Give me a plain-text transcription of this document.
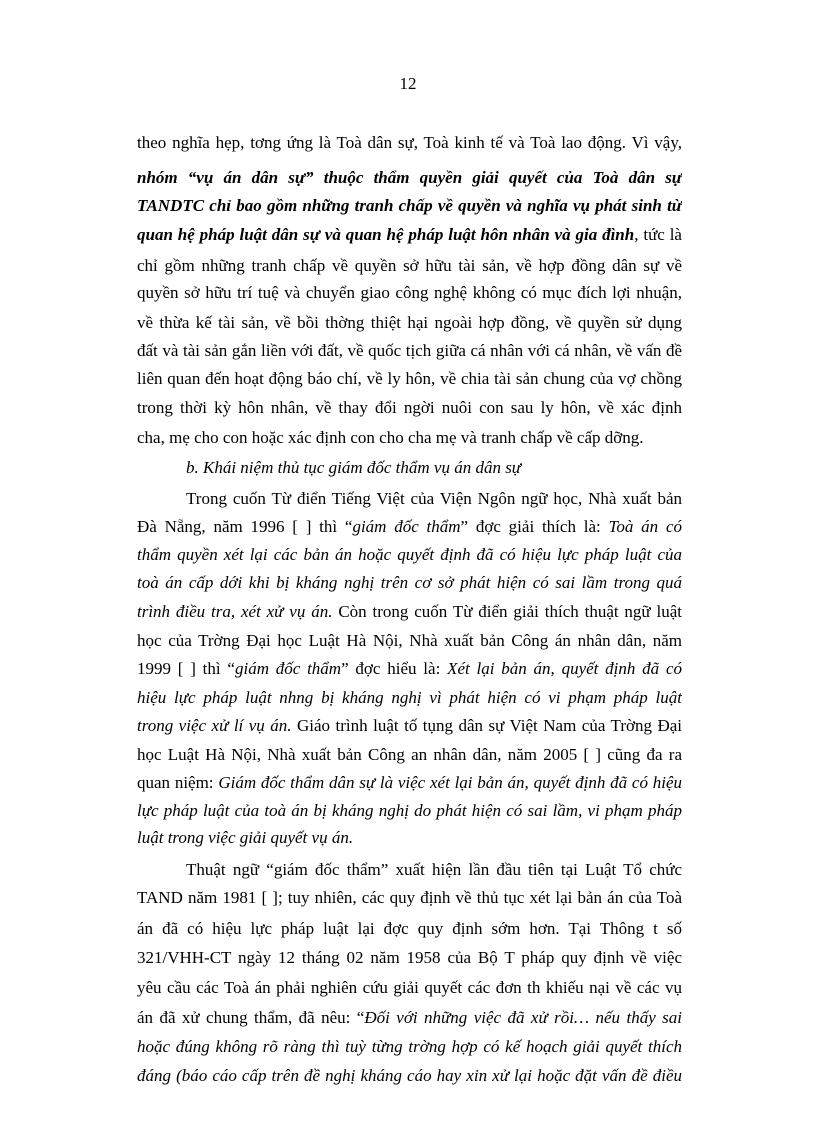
12
theo nghĩa hẹp, tơng ứng là Toà dân sự, Toà kinh tế và Toà lao động. Vì vậy,
nhóm “vụ án dân sự” thuộc thẩm quyền giải quyết của Toà dân sự
TANDTC chỉ bao gồm những tranh chấp về quyền và nghĩa vụ phát sinh từ
quan hệ pháp luật dân sự và quan hệ pháp luật hôn nhân và gia đình, tức là
chỉ gồm những tranh chấp về quyền sở hữu tài sản, về hợp đồng dân sự về
quyền sở hữu trí tuệ và chuyển giao công nghệ không có mục đích lợi nhuận,
về thừa kế tài sản, về bồi thờng thiệt hại ngoài hợp đồng, về quyền sử dụng
đất và tài sản gắn liền với đất, về quốc tịch giữa cá nhân với cá nhân, về vấn đề
liên quan đến hoạt động báo chí, về ly hôn, về chia tài sản chung của vợ chồng
trong thời kỳ hôn nhân, về thay đổi ngời nuôi con sau ly hôn, về xác định
cha, mẹ cho con hoặc xác định con cho cha mẹ và tranh chấp về cấp dỡng.
b. Khái niệm thủ tục giám đốc thẩm vụ án dân sự
Trong cuốn Từ điển Tiếng Việt của Viện Ngôn ngữ học, Nhà xuất bản
Đà Nẵng, năm 1996 [ ] thì “giám đốc thẩm” đợc giải thích là: Toà án có
thẩm quyền xét lại các bản án hoặc quyết định đã có hiệu lực pháp luật của
toà án cấp dới khi bị kháng nghị trên cơ sở phát hiện có sai lầm trong quá
trình điều tra, xét xử vụ án. Còn trong cuốn Từ điển giải thích thuật ngữ luật
học của Trờng Đại học Luật Hà Nội, Nhà xuất bản Công án nhân dân, năm
1999 [ ] thì “giám đốc thẩm” đợc hiểu là: Xét lại bản án, quyết định đã có
hiệu lực pháp luật nhng bị kháng nghị vì phát hiện có vi phạm pháp luật
trong việc xử lí vụ án. Giáo trình luật tố tụng dân sự Việt Nam của Trờng Đại
học Luật Hà Nội, Nhà xuất bản Công an nhân dân, năm 2005 [ ] cũng đa ra
quan niệm: Giám đốc thẩm dân sự là việc xét lại bản án, quyết định đã có hiệu
lực pháp luật của toà án bị kháng nghị do phát hiện có sai lầm, vi phạm pháp
luật trong việc giải quyết vụ án.
Thuật ngữ “giám đốc thẩm” xuất hiện lần đầu tiên tại Luật Tổ chức
TAND năm 1981 [ ]; tuy nhiên, các quy định về thủ tục xét lại bản án của Toà
án đã có hiệu lực pháp luật lại đợc quy định sớm hơn. Tại Thông t số
321/VHH-CT ngày 12 tháng 02 năm 1958 của Bộ T pháp quy định về việc
yêu cầu các Toà án phải nghiên cứu giải quyết các đơn th khiếu nại về các vụ
án đã xử chung thẩm, đã nêu: “Đối với những việc đã xử rồi… nếu thấy sai
hoặc đúng không rõ ràng thì tuỳ từng trờng hợp có kế hoạch giải quyết thích
đáng (báo cáo cấp trên đề nghị kháng cáo hay xin xử lại hoặc đặt vấn đề điều
